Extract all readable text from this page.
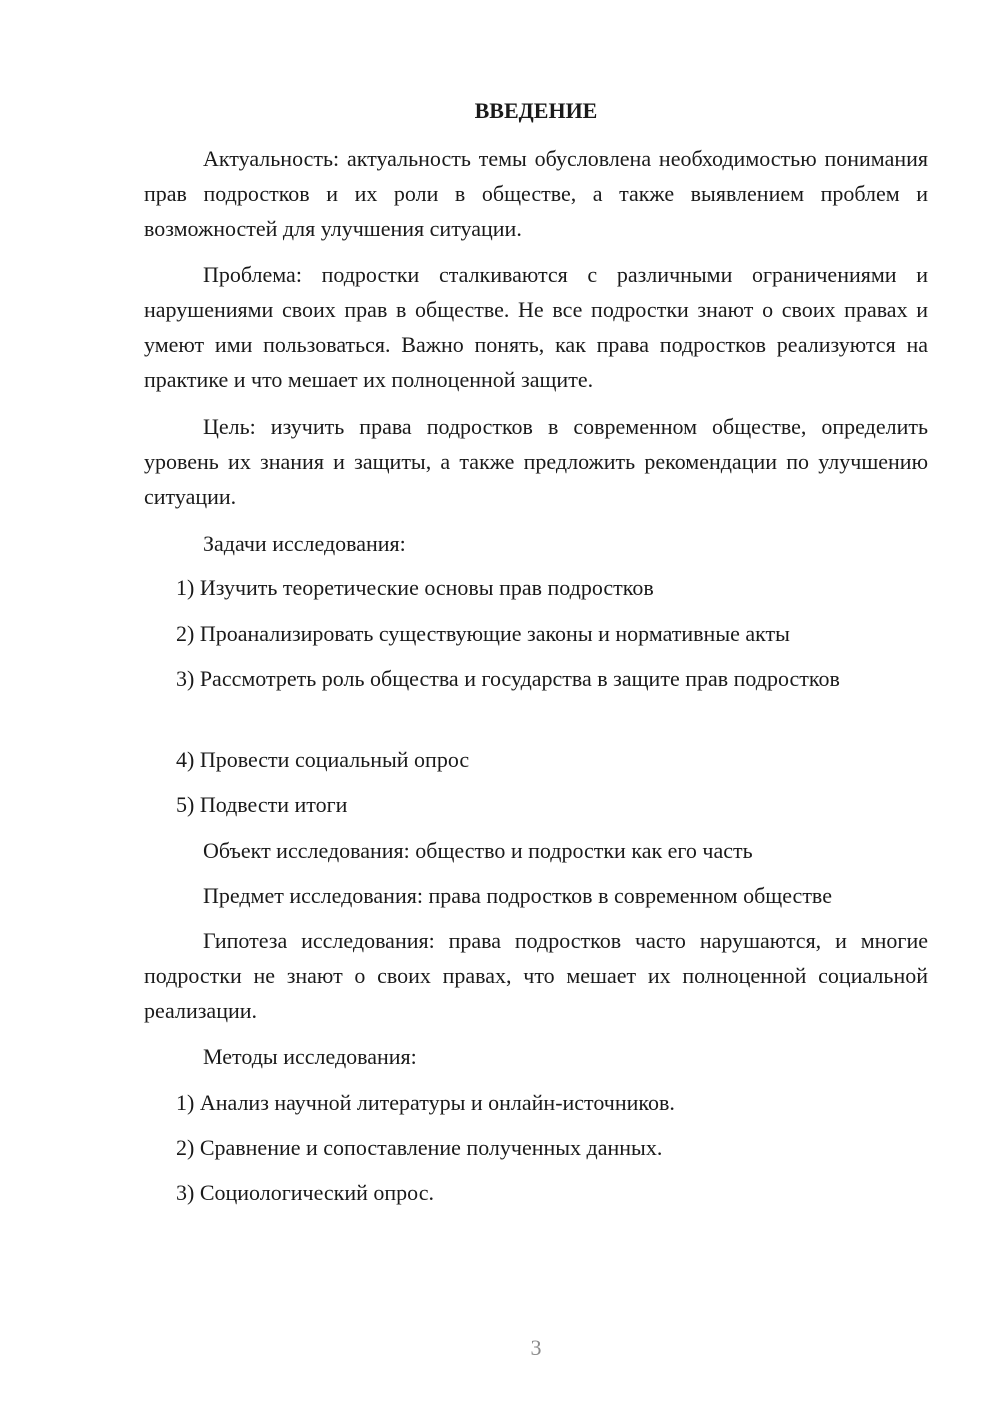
ВВЕДЕНИЕ

Актуальность: актуальность темы обусловлена необходимостью понимания прав подростков и их роли в обществе, а также выявлением проблем и возможностей для улучшения ситуации.

Проблема: подростки сталкиваются с различными ограничениями и нарушениями своих прав в обществе. Не все подростки знают о своих правах и умеют ими пользоваться. Важно понять, как права подростков реализуются на практике и что мешает их полноценной защите.

Цель: изучить права подростков в современном обществе, определить уровень их знания и защиты, а также предложить рекомендации по улучшению ситуации.

Задачи исследования:

1) Изучить теоретические основы прав подростков

2) Проанализировать существующие законы и нормативные акты

3) Рассмотреть роль общества и государства в защите прав подростков

4) Провести социальный опрос

5) Подвести итоги

Объект исследования: общество и подростки как его часть

Предмет исследования: права подростков в современном обществе

Гипотеза исследования: права подростков часто нарушаются, и многие подростки не знают о своих правах, что мешает их полноценной социальной реализации.

Методы исследования:

1) Анализ научной литературы и онлайн-источников.

2) Сравнение и сопоставление полученных данных.

3) Социологический опрос.

3
